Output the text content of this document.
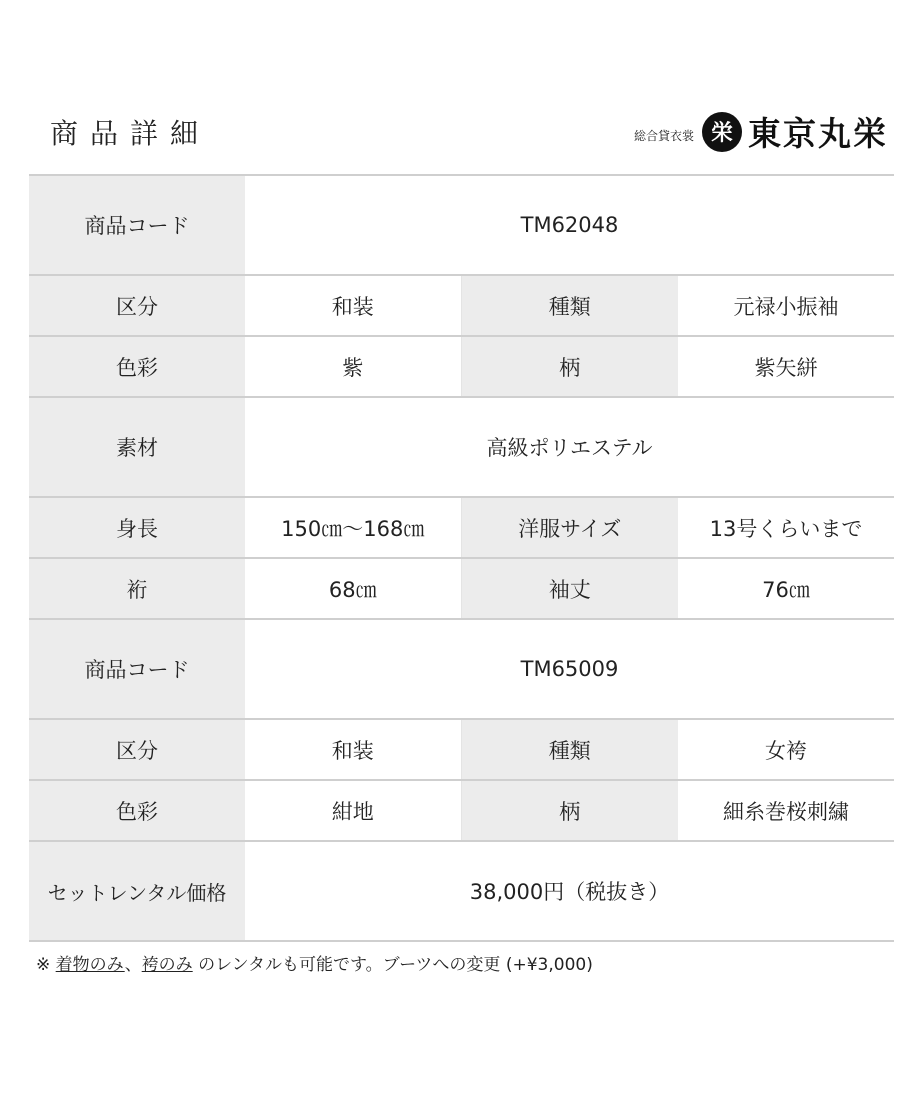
商品詳細	総合貸衣裳 栄 東京丸栄
商品コード	TM62048		
区分	和装	種類	元禄小振袖
色彩	紫	柄	紫矢絣
素材	高級ポリエステル		
身長	150㎝～168㎝	洋服サイズ	13号くらいまで
裄	68㎝	袖丈	76㎝
商品コード	TM65009		
区分	和装	種類	女袴
色彩	紺地	柄	細糸巻桜刺繍
セットレンタル価格	38,000円（税抜き）		
※ 着物のみ、袴のみ のレンタルも可能です。ブーツへの変更 (+¥3,000)
